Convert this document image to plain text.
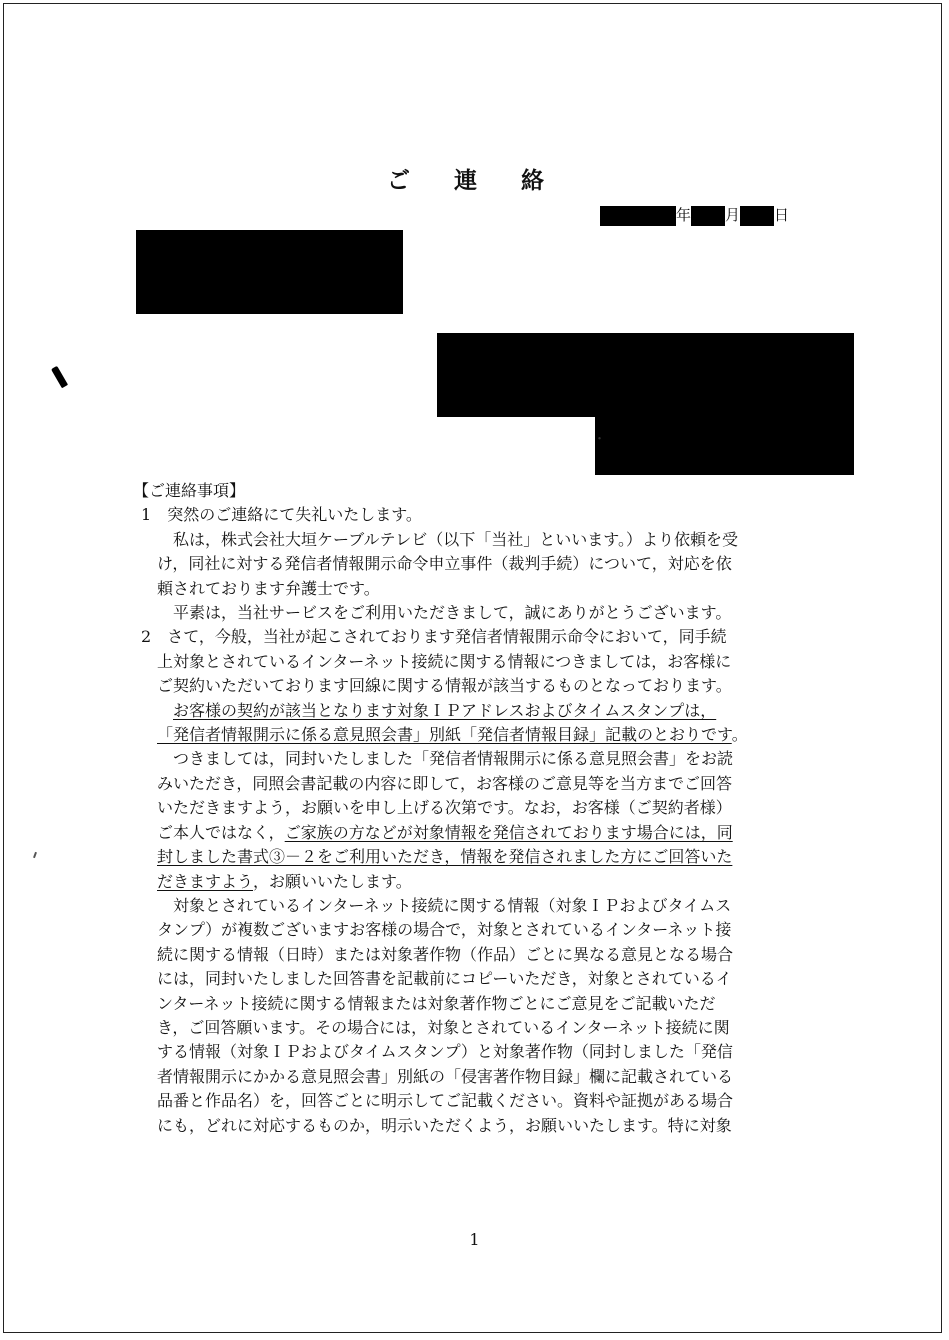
ご 連 絡
年 月 日
・
【ご連絡事項】
1　 突然のご連絡にて失礼いたします。
私は，株式会社大垣ケーブルテレビ（以下「当社」といいます。）より依頼を受
け，同社に対する発信者情報開示命令申立事件（裁判手続）について，対応を依
頼されております弁護士です。
平素は，当社サービスをご利用いただきまして，誠にありがとうございます。
2　 さて，今般，当社が起こされております発信者情報開示命令において，同手続
上対象とされているインターネット接続に関する情報につきましては，お客様に
ご契約いただいております回線に関する情報が該当するものとなっております。
お客様の契約が該当となります対象ＩＰアドレスおよびタイムスタンプは，
「発信者情報開示に係る意見照会書」別紙「発信者情報目録」記載のとおりです。
つきましては，同封いたしました「発信者情報開示に係る意見照会書」をお読
みいただき，同照会書記載の内容に即して，お客様のご意見等を当方までご回答
いただきますよう，お願いを申し上げる次第です。なお，お客様（ご契約者様）
ご本人ではなく，ご家族の方などが対象情報を発信されております場合には，同
封しました書式③－２をご利用いただき，情報を発信されました方にご回答いた
だきますよう，お願いいたします。
対象とされているインターネット接続に関する情報（対象ＩＰおよびタイムス
タンプ）が複数ございますお客様の場合で，対象とされているインターネット接
続に関する情報（日時）または対象著作物（作品）ごとに異なる意見となる場合
には，同封いたしました回答書を記載前にコピーいただき，対象とされているイ
ンターネット接続に関する情報または対象著作物ごとにご意見をご記載いただ
き，ご回答願います。その場合には，対象とされているインターネット接続に関
する情報（対象ＩＰおよびタイムスタンプ）と対象著作物（同封しました「発信
者情報開示にかかる意見照会書」別紙の「侵害著作物目録」欄に記載されている
品番と作品名）を，回答ごとに明示してご記載ください。資料や証拠がある場合
にも，どれに対応するものか，明示いただくよう，お願いいたします。特に対象
1
